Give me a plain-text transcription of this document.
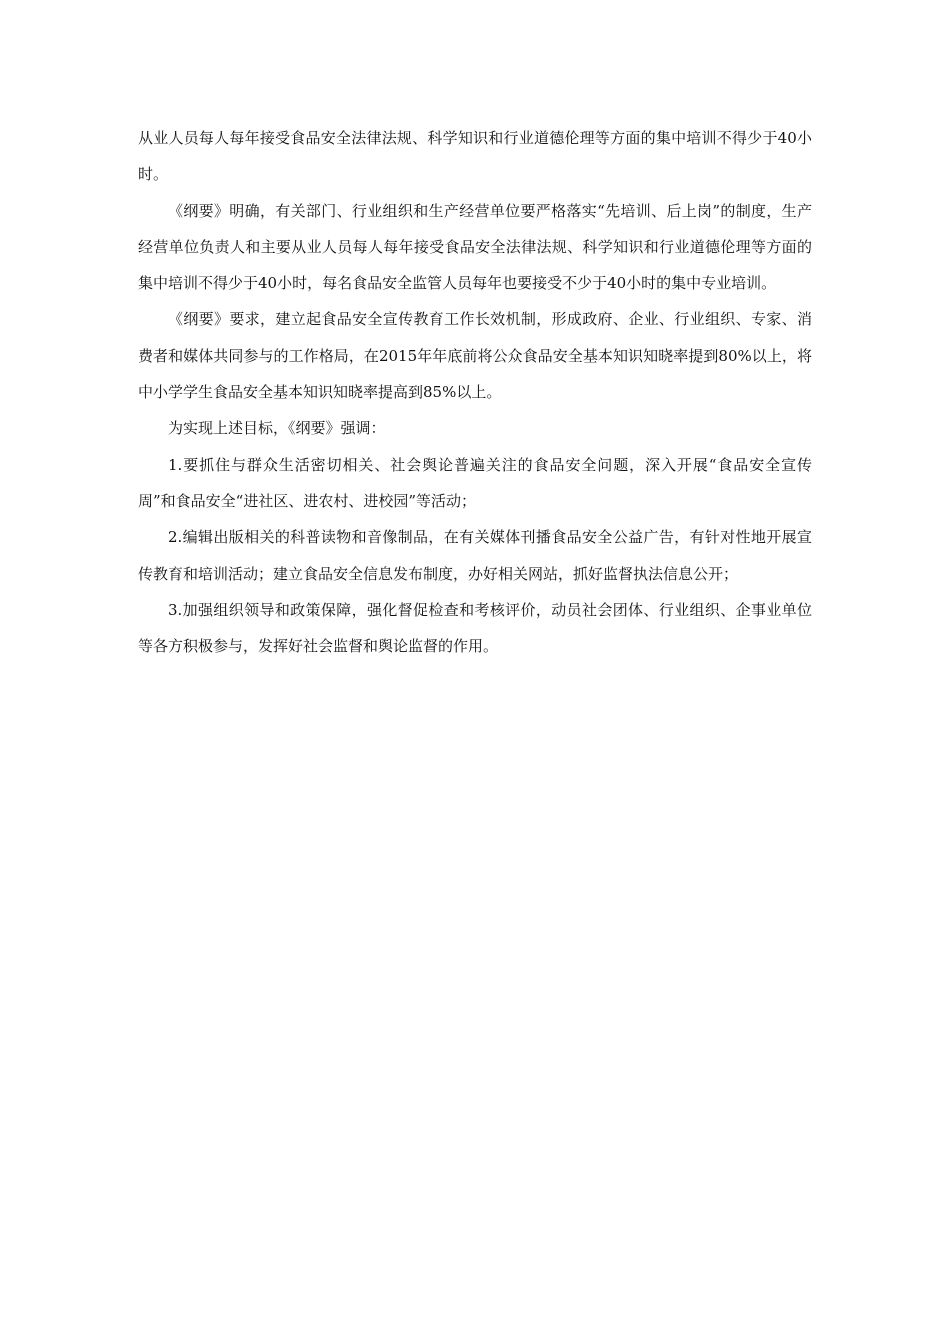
从业人员每人每年接受食品安全法律法规、科学知识和行业道德伦理等方面的集中培训不得少于40小时。

《纲要》明确，有关部门、行业组织和生产经营单位要严格落实“先培训、后上岗”的制度，生产经营单位负责人和主要从业人员每人每年接受食品安全法律法规、科学知识和行业道德伦理等方面的集中培训不得少于40小时，每名食品安全监管人员每年也要接受不少于40小时的集中专业培训。

《纲要》要求，建立起食品安全宣传教育工作长效机制，形成政府、企业、行业组织、专家、消费者和媒体共同参与的工作格局，在2015年年底前将公众食品安全基本知识知晓率提到80%以上，将中小学学生食品安全基本知识知晓率提高到85%以上。

为实现上述目标，《纲要》强调：

1.要抓住与群众生活密切相关、社会舆论普遍关注的食品安全问题，深入开展“食品安全宣传周”和食品安全“进社区、进农村、进校园”等活动；

2.编辑出版相关的科普读物和音像制品，在有关媒体刊播食品安全公益广告，有针对性地开展宣传教育和培训活动；建立食品安全信息发布制度，办好相关网站，抓好监督执法信息公开；

3.加强组织领导和政策保障，强化督促检查和考核评价，动员社会团体、行业组织、企事业单位等各方积极参与，发挥好社会监督和舆论监督的作用。
